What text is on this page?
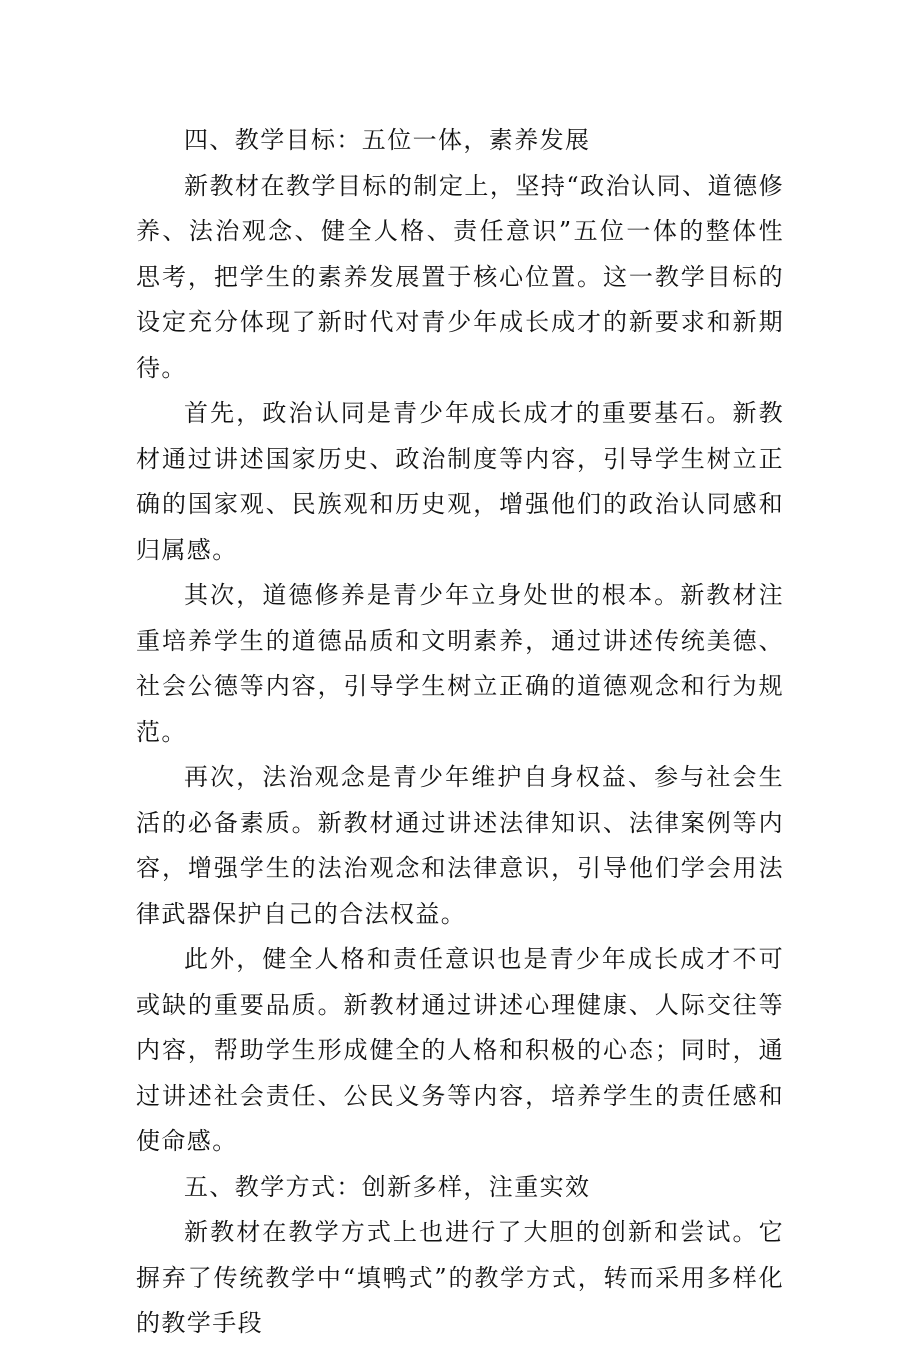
四、教学目标：五位一体，素养发展

新教材在教学目标的制定上，坚持“政治认同、道德修养、法治观念、健全人格、责任意识”五位一体的整体性思考，把学生的素养发展置于核心位置。这一教学目标的设定充分体现了新时代对青少年成长成才的新要求和新期待。

首先，政治认同是青少年成长成才的重要基石。新教材通过讲述国家历史、政治制度等内容，引导学生树立正确的国家观、民族观和历史观，增强他们的政治认同感和归属感。

其次，道德修养是青少年立身处世的根本。新教材注重培养学生的道德品质和文明素养，通过讲述传统美德、社会公德等内容，引导学生树立正确的道德观念和行为规范。

再次，法治观念是青少年维护自身权益、参与社会生活的必备素质。新教材通过讲述法律知识、法律案例等内容，增强学生的法治观念和法律意识，引导他们学会用法律武器保护自己的合法权益。

此外，健全人格和责任意识也是青少年成长成才不可或缺的重要品质。新教材通过讲述心理健康、人际交往等内容，帮助学生形成健全的人格和积极的心态；同时，通过讲述社会责任、公民义务等内容，培养学生的责任感和使命感。

五、教学方式：创新多样，注重实效

新教材在教学方式上也进行了大胆的创新和尝试。它摒弃了传统教学中“填鸭式”的教学方式，转而采用多样化的教学手段
